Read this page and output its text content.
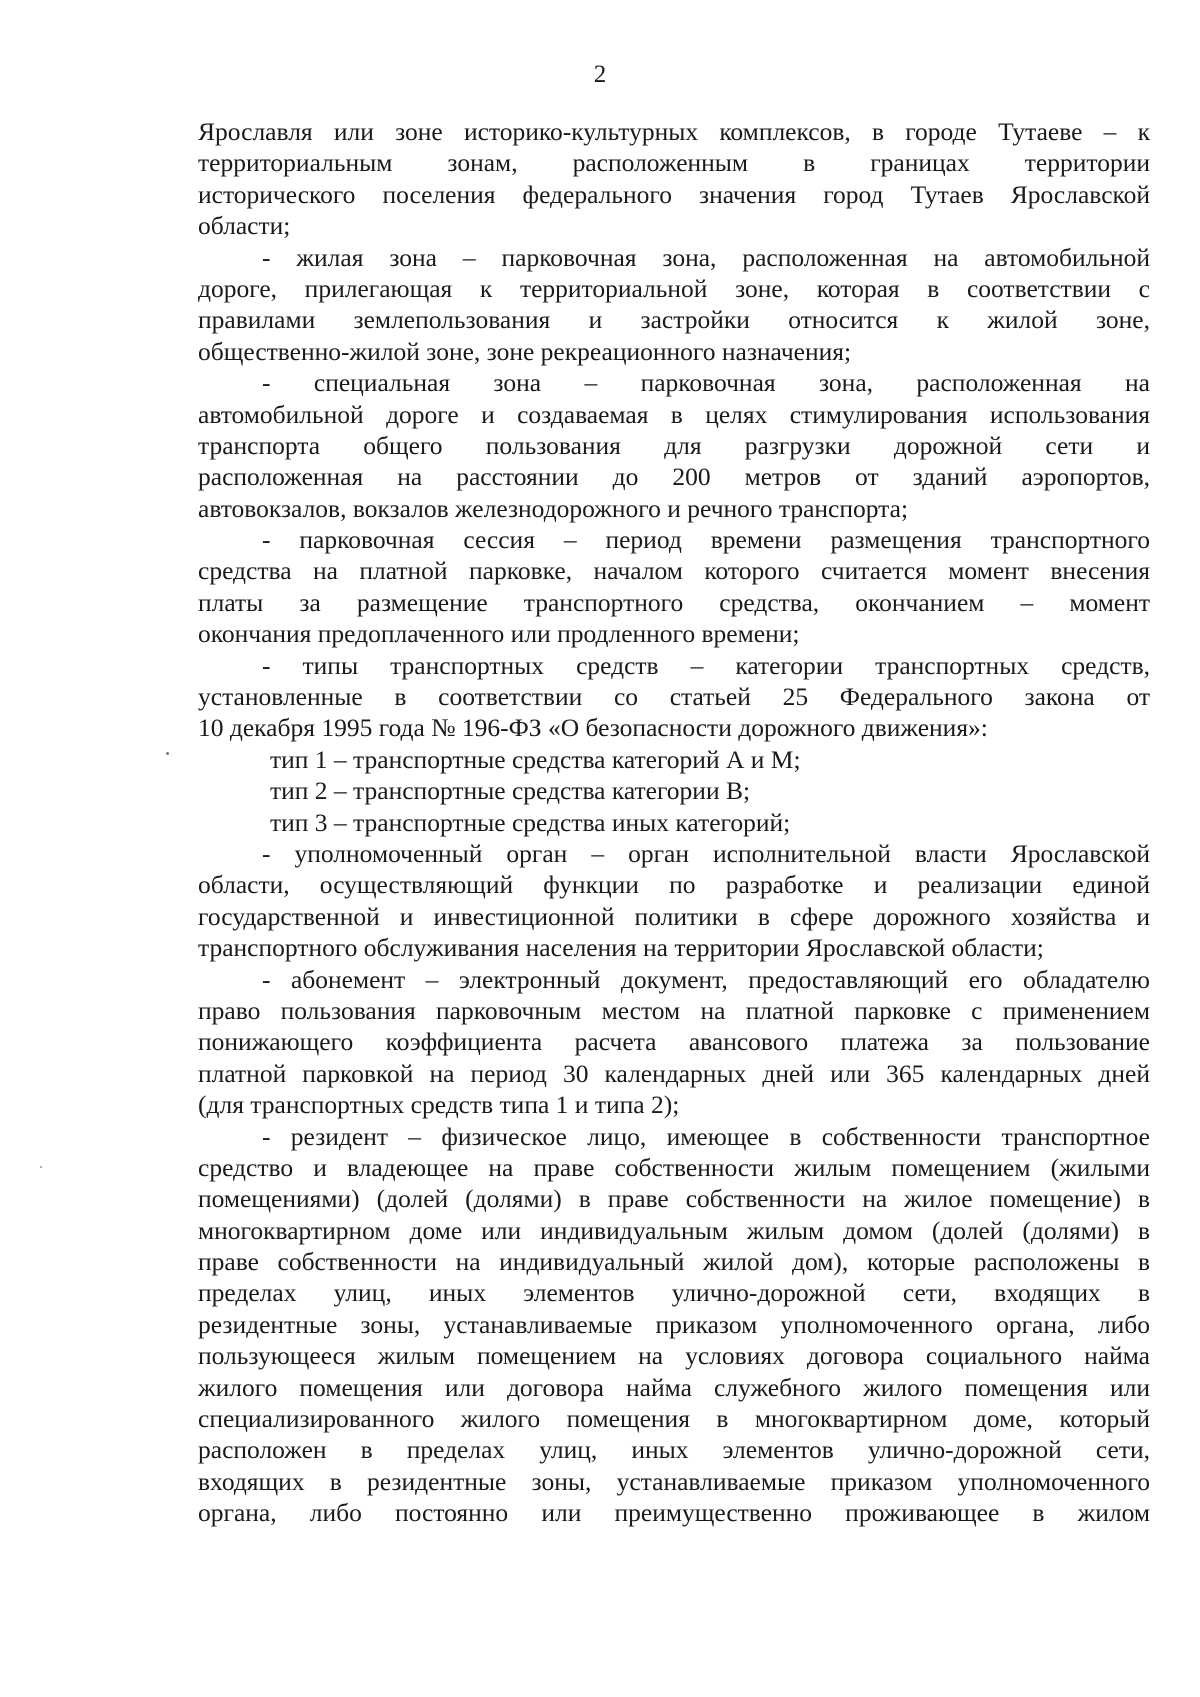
2
Ярославля или зоне историко-культурных комплексов, в городе Тутаеве – к
территориальным зонам, расположенным в границах территории
исторического поселения федерального значения город Тутаев Ярославской
области;
- жилая зона – парковочная зона, расположенная на автомобильной
дороге, прилегающая к территориальной зоне, которая в соответствии с
правилами землепользования и застройки относится к жилой зоне,
общественно-жилой зоне, зоне рекреационного назначения;
- специальная зона – парковочная зона, расположенная на
автомобильной дороге и создаваемая в целях стимулирования использования
транспорта общего пользования для разгрузки дорожной сети и
расположенная на расстоянии до 200 метров от зданий аэропортов,
автовокзалов, вокзалов железнодорожного и речного транспорта;
- парковочная сессия – период времени размещения транспортного
средства на платной парковке, началом которого считается момент внесения
платы за размещение транспортного средства, окончанием – момент
окончания предоплаченного или продленного времени;
- типы транспортных средств – категории транспортных средств,
установленные в соответствии со статьей 25 Федерального закона от
10 декабря 1995 года № 196-ФЗ «О безопасности дорожного движения»:
тип 1 – транспортные средства категорий А и М;
тип 2 – транспортные средства категории В;
тип 3 – транспортные средства иных категорий;
- уполномоченный орган – орган исполнительной власти Ярославской
области, осуществляющий функции по разработке и реализации единой
государственной и инвестиционной политики в сфере дорожного хозяйства и
транспортного обслуживания населения на территории Ярославской области;
- абонемент – электронный документ, предоставляющий его обладателю
право пользования парковочным местом на платной парковке с применением
понижающего коэффициента расчета авансового платежа за пользование
платной парковкой на период 30 календарных дней или 365 календарных дней
(для транспортных средств типа 1 и типа 2);
- резидент – физическое лицо, имеющее в собственности транспортное
средство и владеющее на праве собственности жилым помещением (жилыми
помещениями) (долей (долями) в праве собственности на жилое помещение) в
многоквартирном доме или индивидуальным жилым домом (долей (долями) в
праве собственности на индивидуальный жилой дом), которые расположены в
пределах улиц, иных элементов улично-дорожной сети, входящих в
резидентные зоны, устанавливаемые приказом уполномоченного органа, либо
пользующееся жилым помещением на условиях договора социального найма
жилого помещения или договора найма служебного жилого помещения или
специализированного жилого помещения в многоквартирном доме, который
расположен в пределах улиц, иных элементов улично-дорожной сети,
входящих в резидентные зоны, устанавливаемые приказом уполномоченного
органа, либо постоянно или преимущественно проживающее в жилом
